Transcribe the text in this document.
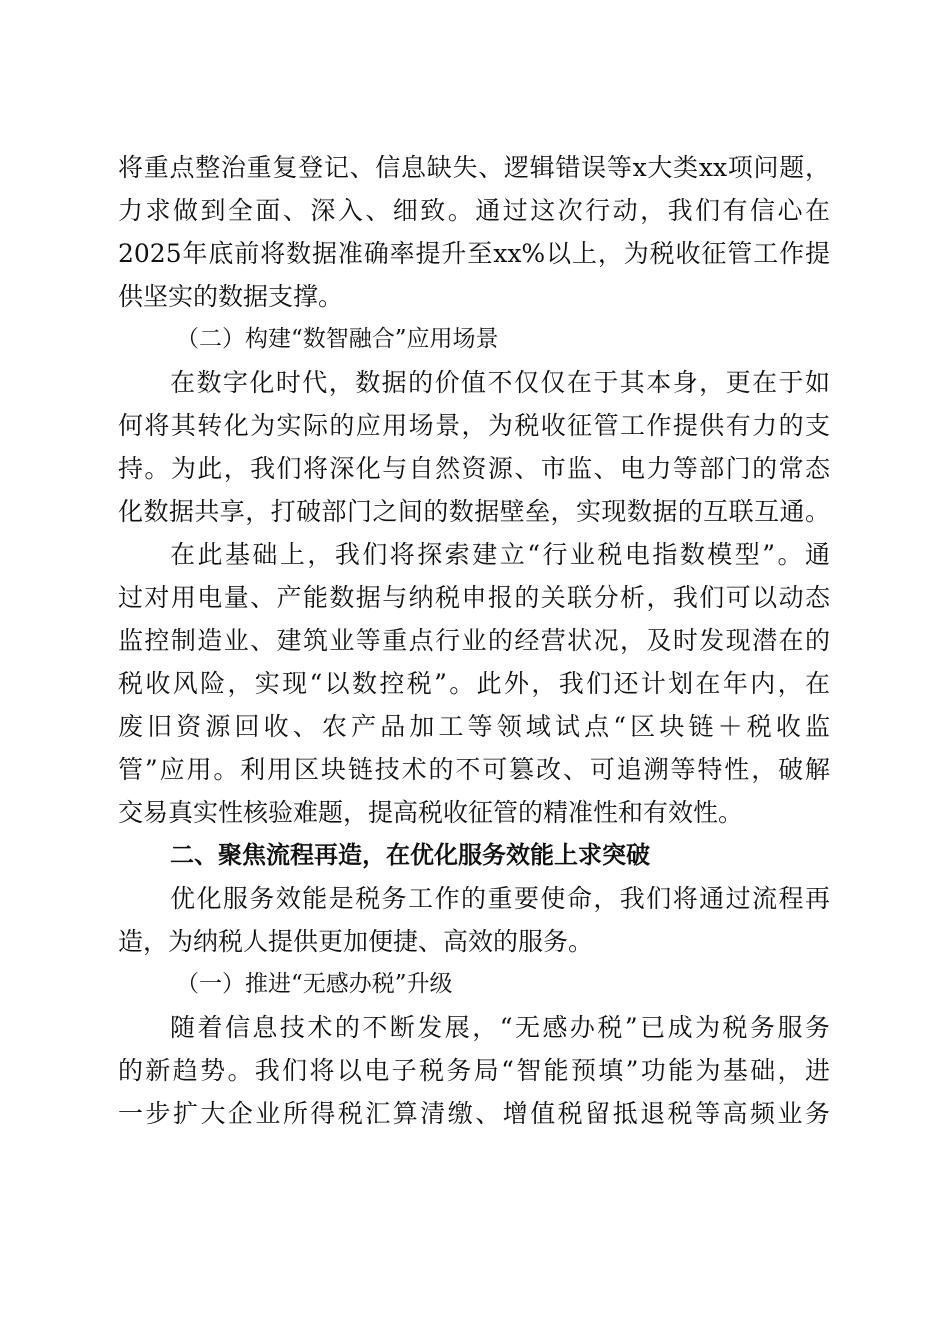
将重点整治重复登记、信息缺失、逻辑错误等x大类xx项问题，

力求做到全面、深入、细致。通过这次行动，我们有信心在

2025年底前将数据准确率提升至xx%以上，为税收征管工作提

供坚实的数据支撑。

（二）构建“数智融合”应用场景

在数字化时代，数据的价值不仅仅在于其本身，更在于如

何将其转化为实际的应用场景，为税收征管工作提供有力的支

持。为此，我们将深化与自然资源、市监、电力等部门的常态

化数据共享，打破部门之间的数据壁垒，实现数据的互联互通。

在此基础上，我们将探索建立“行业税电指数模型”。通

过对用电量、产能数据与纳税申报的关联分析，我们可以动态

监控制造业、建筑业等重点行业的经营状况，及时发现潜在的

税收风险，实现“以数控税”。此外，我们还计划在年内，在

废旧资源回收、农产品加工等领域试点“区块链＋税收监

管”应用。利用区块链技术的不可篡改、可追溯等特性，破解

交易真实性核验难题，提高税收征管的精准性和有效性。

二、聚焦流程再造，在优化服务效能上求突破

优化服务效能是税务工作的重要使命，我们将通过流程再

造，为纳税人提供更加便捷、高效的服务。

（一）推进“无感办税”升级

随着信息技术的不断发展，“无感办税”已成为税务服务

的新趋势。我们将以电子税务局“智能预填”功能为基础，进

一步扩大企业所得税汇算清缴、增值税留抵退税等高频业务
